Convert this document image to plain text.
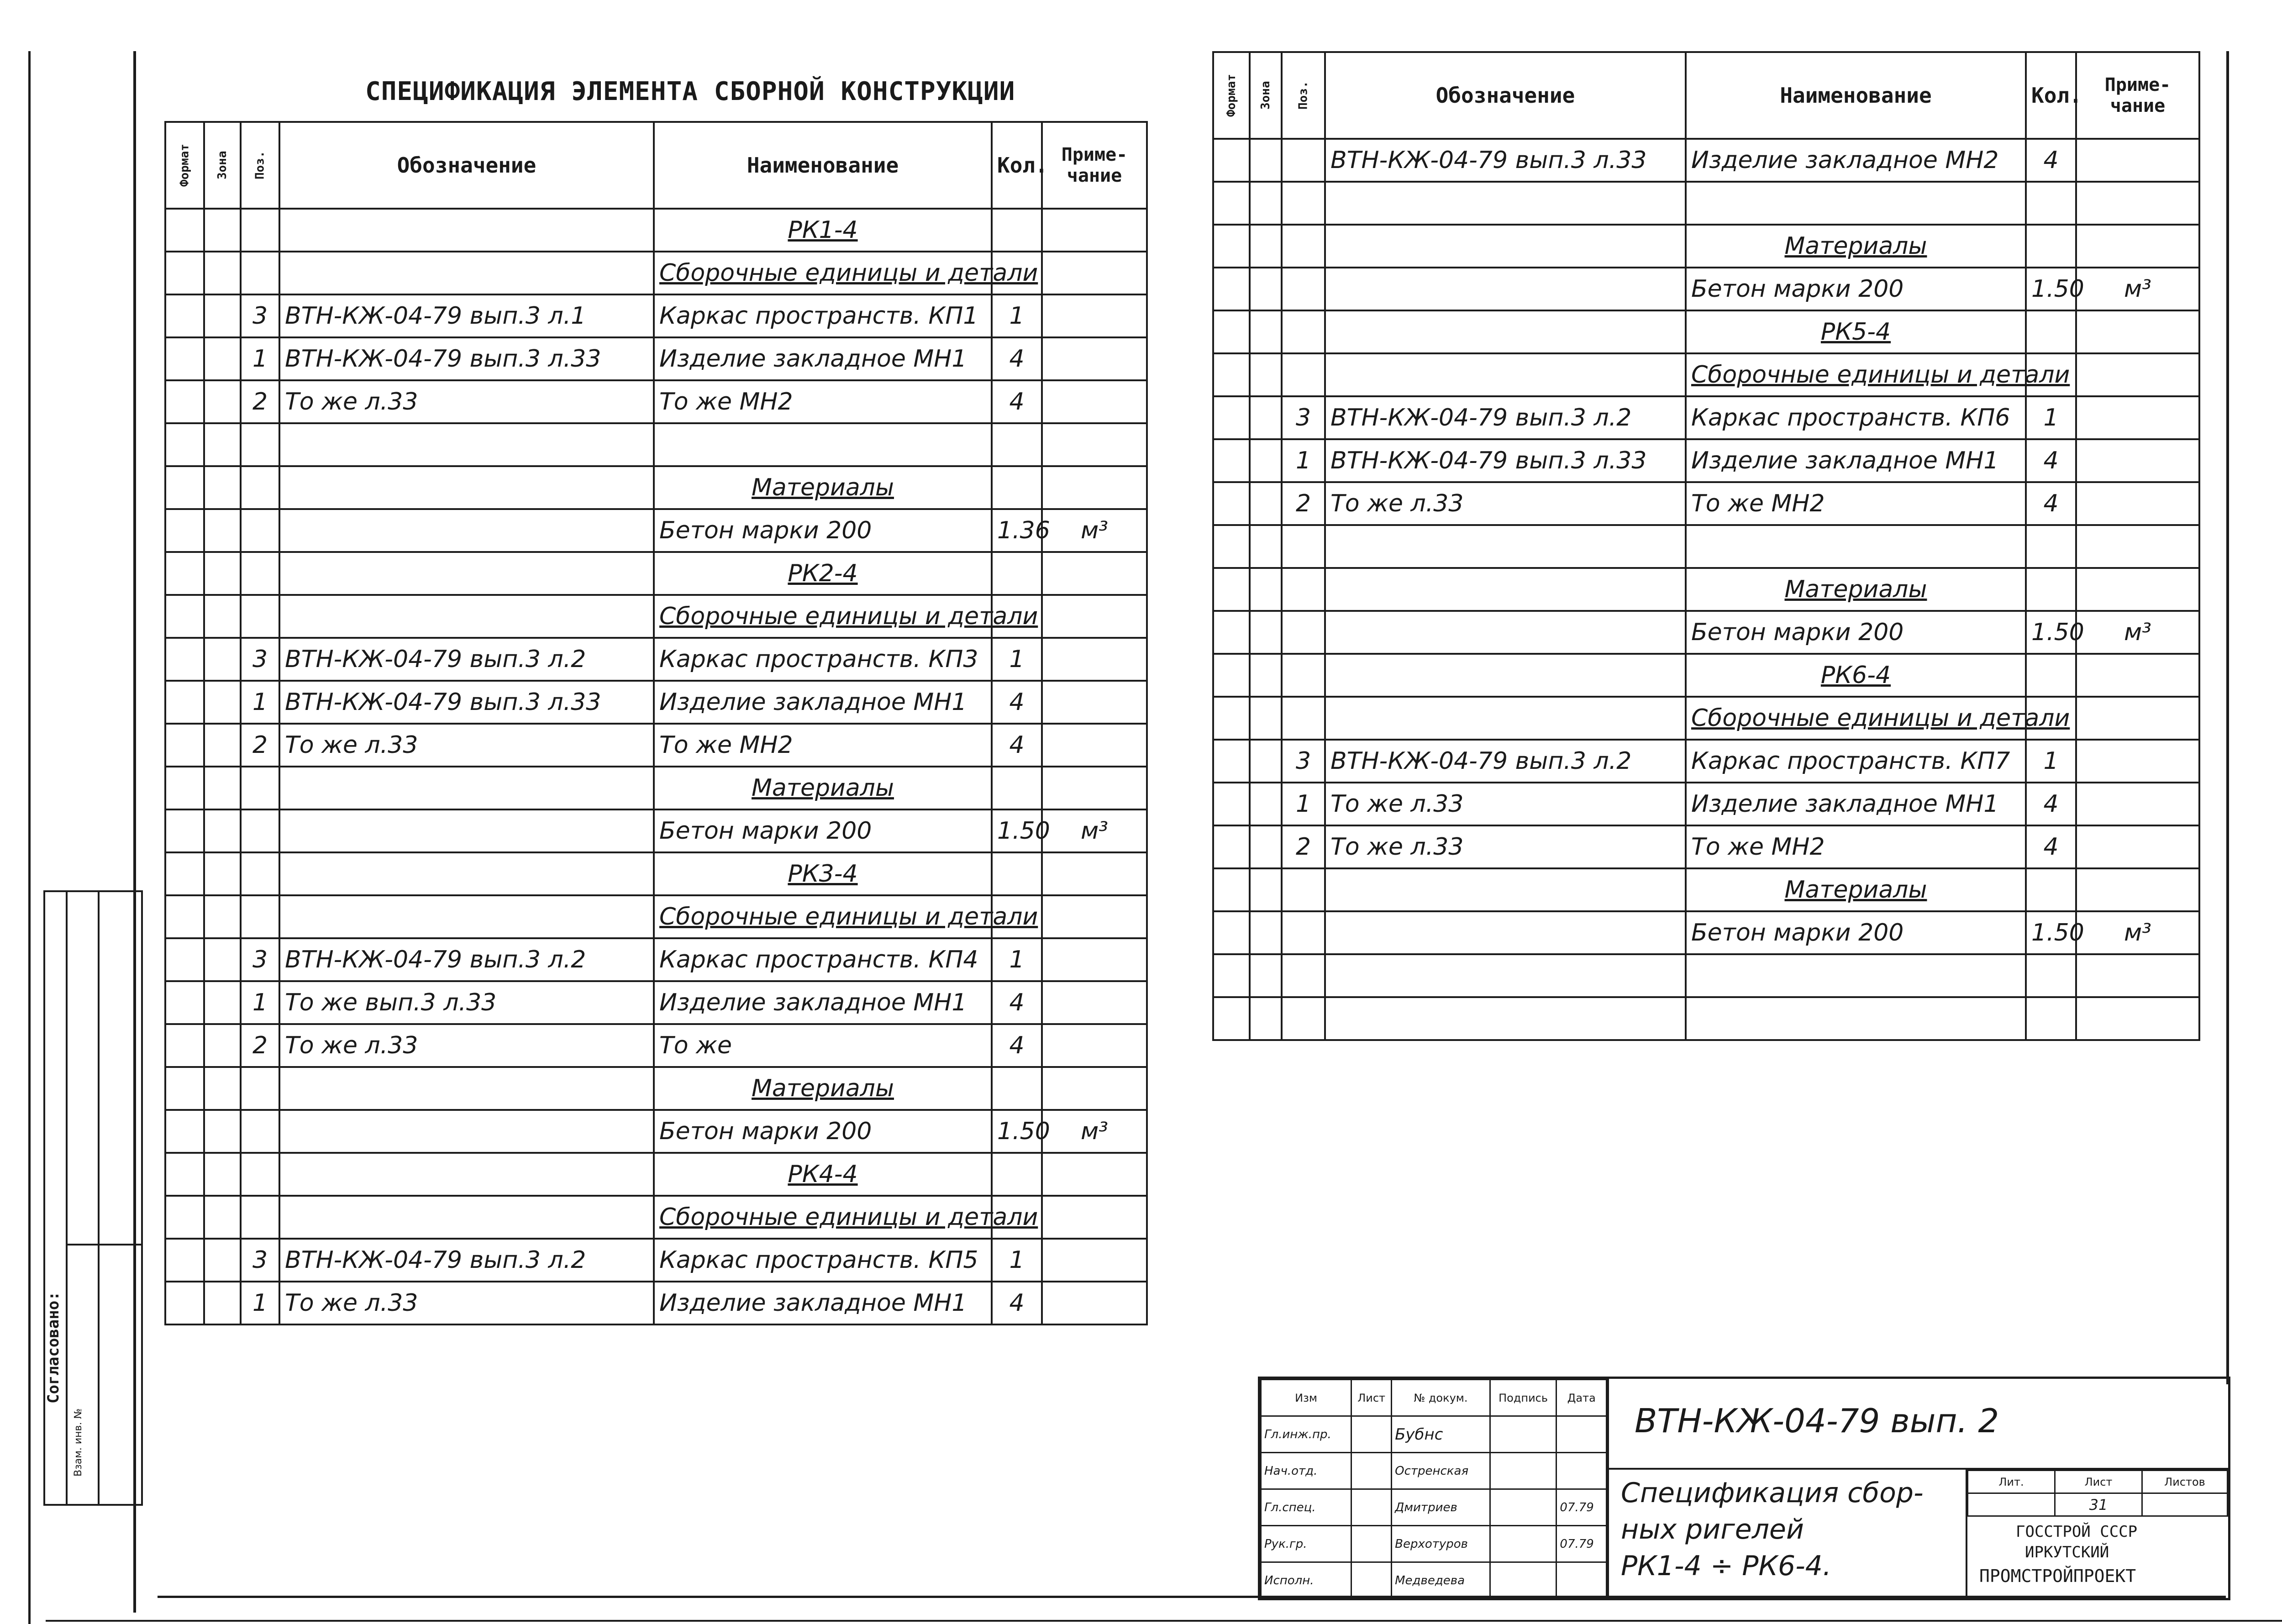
СПЕЦИФИКАЦИЯ ЭЛЕМЕНТА СБОРНОЙ КОНСТРУКЦИИ
Формат	Зона	Поз.	Обозначение	Наименование	Кол.	Приме-чание
				РК1-4		
				Сборочные единицы и детали		
		3	ВТН-КЖ-04-79 вып.3 л.1	Каркас пространств. КП1	1	
		1	ВТН-КЖ-04-79 вып.3 л.33	Изделие закладное МН1	4	
		2	То же л.33	То же МН2	4	

				Материалы		
				Бетон марки 200	1.36	м³
				РК2-4		
				Сборочные единицы и детали		
		3	ВТН-КЖ-04-79 вып.3 л.2	Каркас пространств. КП3	1	
		1	ВТН-КЖ-04-79 вып.3 л.33	Изделие закладное МН1	4	
		2	То же л.33	То же МН2	4	
				Материалы		
				Бетон марки 200	1.50	м³
				РК3-4		
				Сборочные единицы и детали		
		3	ВТН-КЖ-04-79 вып.3 л.2	Каркас пространств. КП4	1	
		1	То же вып.3 л.33	Изделие закладное МН1	4	
		2	То же л.33	То же	4	
				Материалы		
				Бетон марки 200	1.50	м³
				РК4-4		
				Сборочные единицы и детали		
		3	ВТН-КЖ-04-79 вып.3 л.2	Каркас пространств. КП5	1	
		1	То же л.33	Изделие закладное МН1	4	
Формат	Зона	Поз.	Обозначение	Наименование	Кол.	Приме-чание
			ВТН-КЖ-04-79 вып.3 л.33	Изделие закладное МН2	4	

				Материалы		
				Бетон марки 200	1.50	м³
				РК5-4		
				Сборочные единицы и детали		
		3	ВТН-КЖ-04-79 вып.3 л.2	Каркас пространств. КП6	1	
		1	ВТН-КЖ-04-79 вып.3 л.33	Изделие закладное МН1	4	
		2	То же л.33	То же МН2	4	

				Материалы		
				Бетон марки 200	1.50	м³
				РК6-4		
				Сборочные единицы и детали		
		3	ВТН-КЖ-04-79 вып.3 л.2	Каркас пространств. КП7	1	
		1	То же л.33	Изделие закладное МН1	4	
		2	То же л.33	То же МН2	4	
				Материалы		
				Бетон марки 200	1.50	м³

Согласовано:
Взам. инв. №
Изм	Лист	№ докум.	Подпись	Дата
Гл.инж.пр.		Бубнс		
Нач.отд.		Остренская		
Гл.спец.		Дмитриев		07.79
Рук.гр.		Верхотуров		07.79
Исполн.		Медведева		
ВТН-КЖ-04-79 вып. 2
Спецификация сбор-
ных ригелей
РК1-4 ÷ РК6-4.
Лит.	Лист	Листов
	31	
ГОССТРОЙ СССР
ИРКУТСКИЙ
ПРОМСТРОЙПРОЕКТ
